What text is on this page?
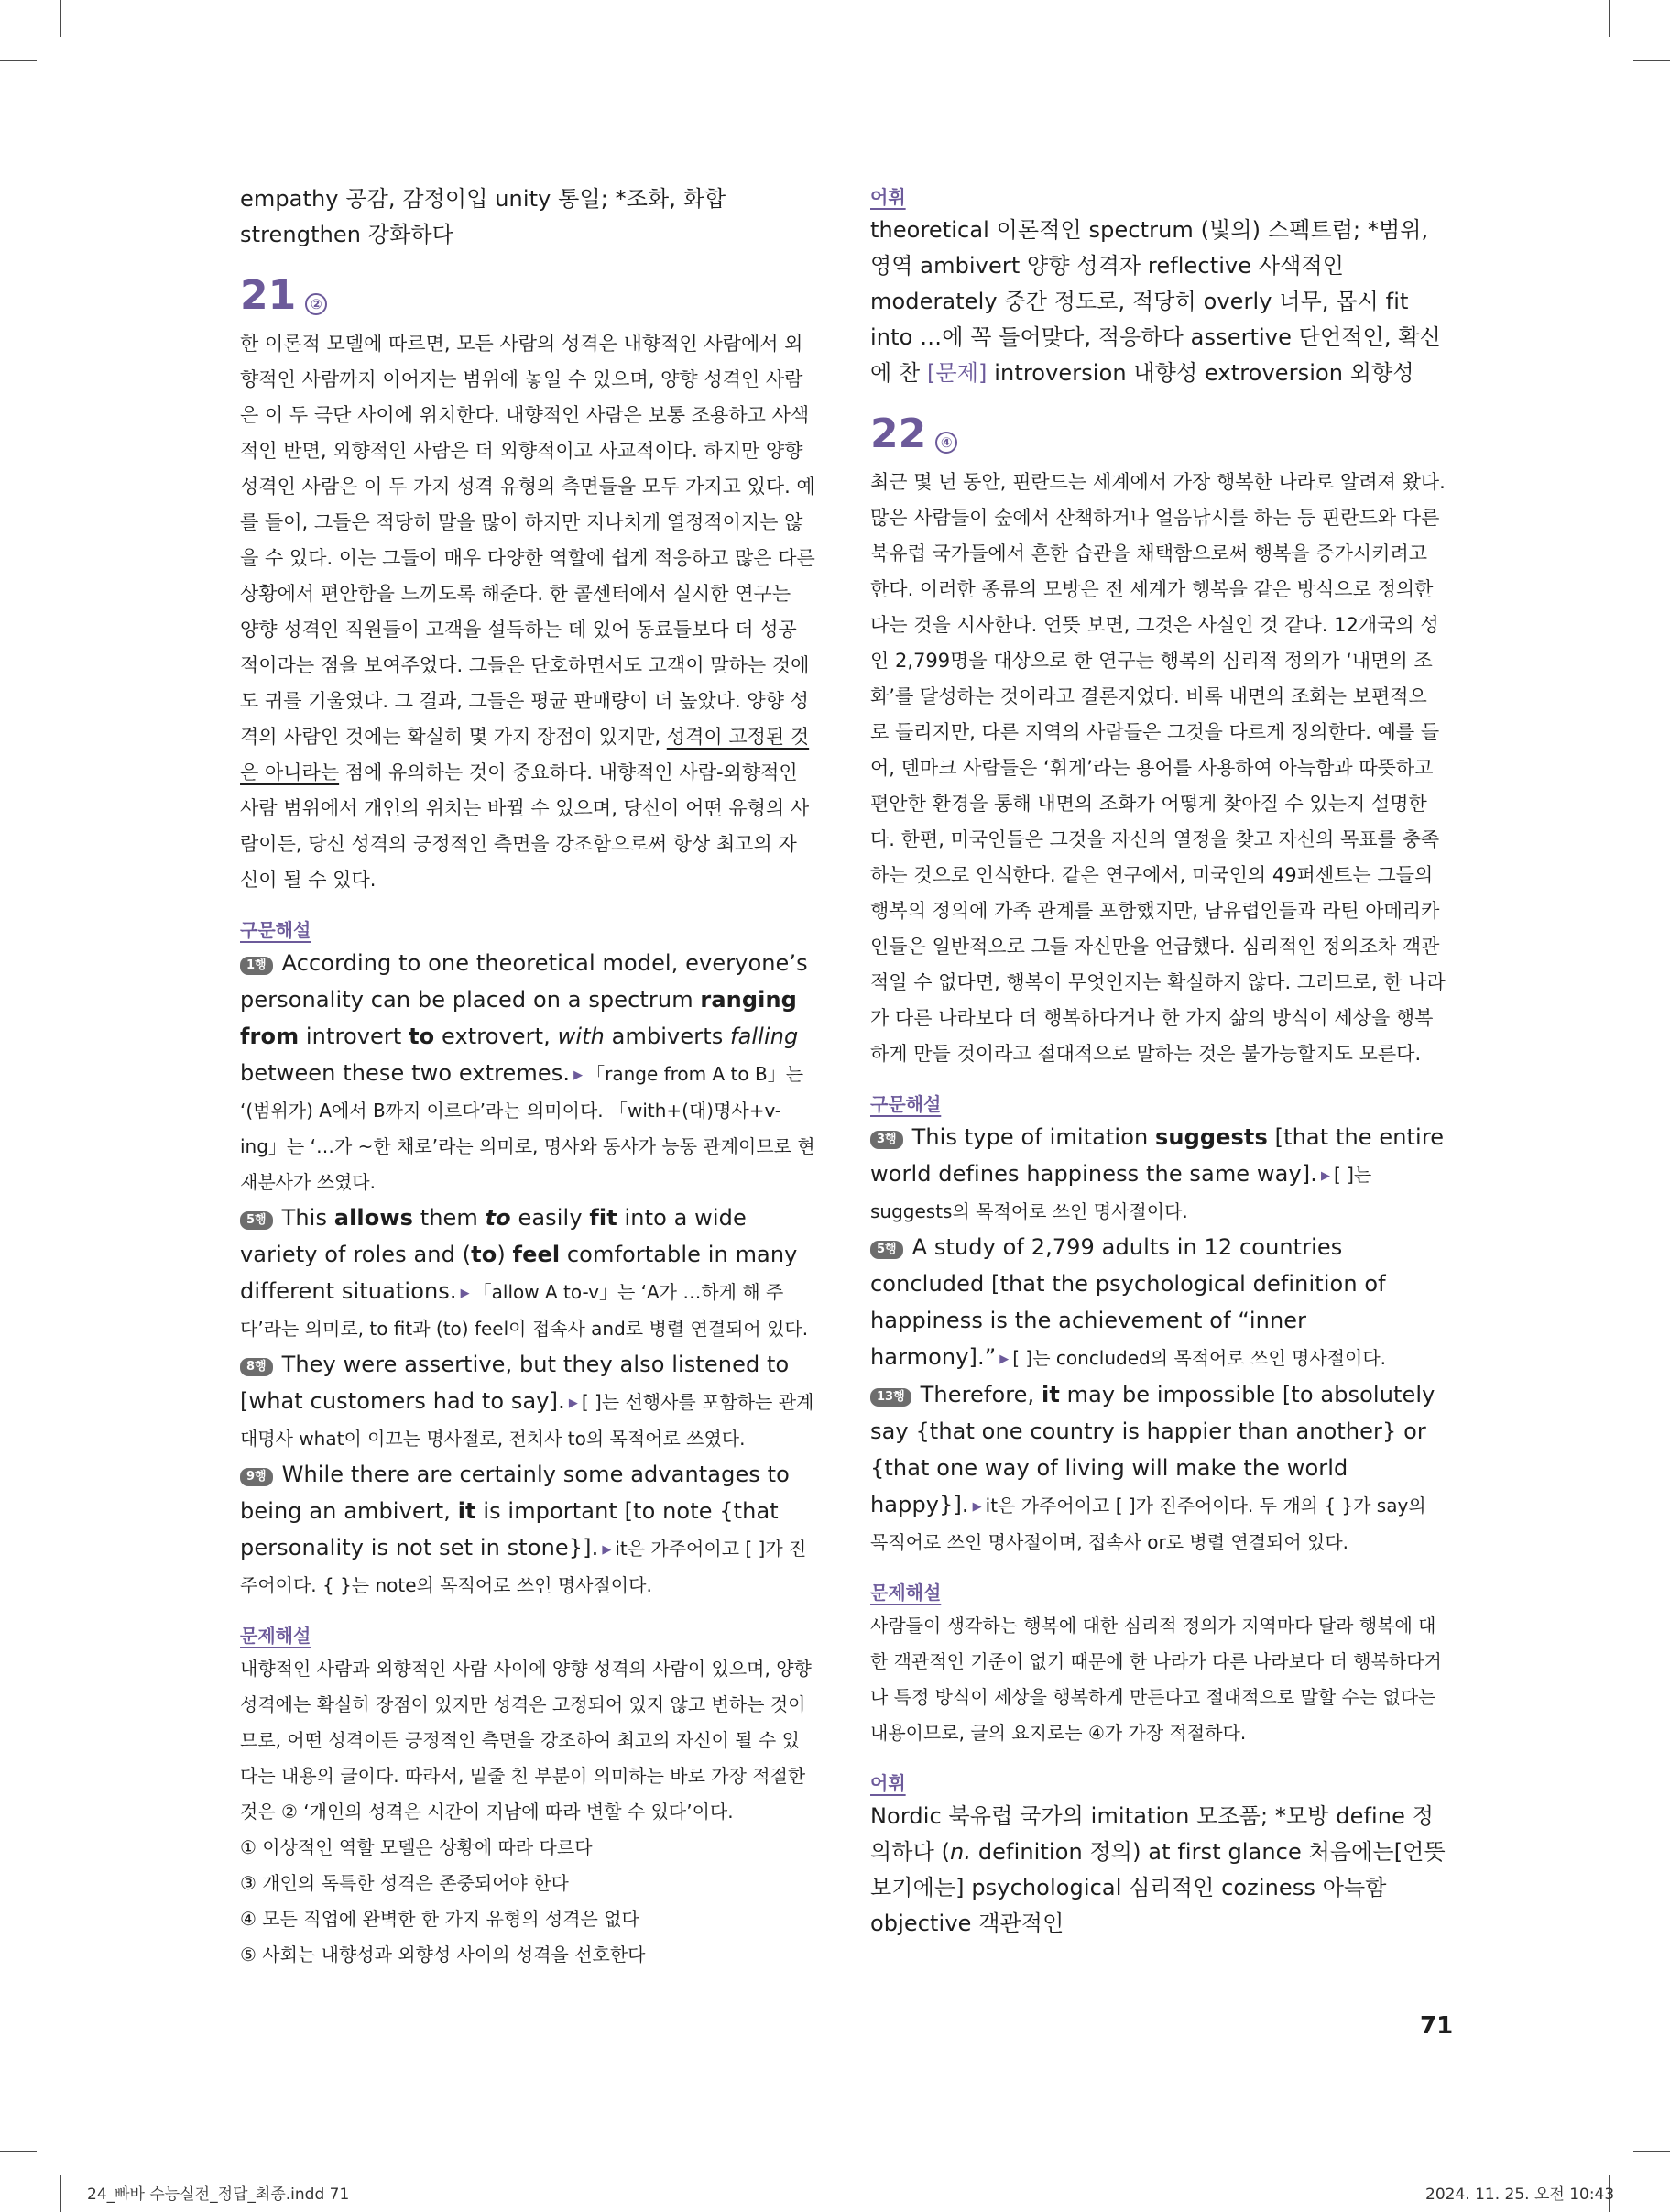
empathy 공감, 감정이입 unity 통일; *조화, 화합 strengthen 강화하다

21	②

한 이론적 모델에 따르면, 모든 사람의 성격은 내향적인 사람에서 외향적인 사람까지 이어지는 범위에 놓일 수 있으며, 양향 성격인 사람은 이 두 극단 사이에 위치한다. 내향적인 사람은 보통 조용하고 사색적인 반면, 외향적인 사람은 더 외향적이고 사교적이다. 하지만 양향 성격인 사람은 이 두 가지 성격 유형의 측면들을 모두 가지고 있다. 예를 들어, 그들은 적당히 말을 많이 하지만 지나치게 열정적이지는 않을 수 있다. 이는 그들이 매우 다양한 역할에 쉽게 적응하고 많은 다른 상황에서 편안함을 느끼도록 해준다. 한 콜센터에서 실시한 연구는 양향 성격인 직원들이 고객을 설득하는 데 있어 동료들보다 더 성공적이라는 점을 보여주었다. 그들은 단호하면서도 고객이 말하는 것에도 귀를 기울였다. 그 결과, 그들은 평균 판매량이 더 높았다. 양향 성격의 사람인 것에는 확실히 몇 가지 장점이 있지만, 성격이 고정된 것은 아니라는 점에 유의하는 것이 중요하다. 내향적인 사람-외향적인 사람 범위에서 개인의 위치는 바뀔 수 있으며, 당신이 어떤 유형의 사람이든, 당신 성격의 긍정적인 측면을 강조함으로써 항상 최고의 자신이 될 수 있다.

구문해설

1행 According to one theoretical model, everyone’s personality can be placed on a spectrum ranging from introvert to extrovert, with ambiverts falling between these two extremes. ▶ 「range from A to B」는 ‘(범위가) A에서 B까지 이르다’라는 의미이다. 「with+(대)명사+v-ing」는 ‘…가 ~한 채로’라는 의미로, 명사와 동사가 능동 관계이므로 현재분사가 쓰였다.

5행 This allows them to easily fit into a wide variety of roles and (to) feel comfortable in many different situations. ▶ 「allow A to-v」는 ‘A가 …하게 해 주다’라는 의미로, to fit과 (to) feel이 접속사 and로 병렬 연결되어 있다.

8행 They were assertive, but they also listened to [what customers had to say]. ▶ [ ]는 선행사를 포함하는 관계대명사 what이 이끄는 명사절로, 전치사 to의 목적어로 쓰였다.

9행 While there are certainly some advantages to being an ambivert, it is important [to note {that personality is not set in stone}]. ▶ it은 가주어이고 [ ]가 진주어이다. { }는 note의 목적어로 쓰인 명사절이다.

문제해설

내향적인 사람과 외향적인 사람 사이에 양향 성격의 사람이 있으며, 양향 성격에는 확실히 장점이 있지만 성격은 고정되어 있지 않고 변하는 것이므로, 어떤 성격이든 긍정적인 측면을 강조하여 최고의 자신이 될 수 있다는 내용의 글이다. 따라서, 밑줄 친 부분이 의미하는 바로 가장 적절한 것은 ② ‘개인의 성격은 시간이 지남에 따라 변할 수 있다’이다.

① 이상적인 역할 모델은 상황에 따라 다르다

③ 개인의 독특한 성격은 존중되어야 한다

④ 모든 직업에 완벽한 한 가지 유형의 성격은 없다

⑤ 사회는 내향성과 외향성 사이의 성격을 선호한다

어휘

theoretical 이론적인 spectrum (빛의) 스펙트럼; *범위, 영역 ambivert 양향 성격자 reflective 사색적인 moderately 중간 정도로, 적당히 overly 너무, 몹시 fit into …에 꼭 들어맞다, 적응하다 assertive 단언적인, 확신에 찬 [문제] introversion 내향성 extroversion 외향성

22	④

최근 몇 년 동안, 핀란드는 세계에서 가장 행복한 나라로 알려져 왔다. 많은 사람들이 숲에서 산책하거나 얼음낚시를 하는 등 핀란드와 다른 북유럽 국가들에서 흔한 습관을 채택함으로써 행복을 증가시키려고 한다. 이러한 종류의 모방은 전 세계가 행복을 같은 방식으로 정의한다는 것을 시사한다. 언뜻 보면, 그것은 사실인 것 같다. 12개국의 성인 2,799명을 대상으로 한 연구는 행복의 심리적 정의가 ‘내면의 조화’를 달성하는 것이라고 결론지었다. 비록 내면의 조화는 보편적으로 들리지만, 다른 지역의 사람들은 그것을 다르게 정의한다. 예를 들어, 덴마크 사람들은 ‘휘게’라는 용어를 사용하여 아늑함과 따뜻하고 편안한 환경을 통해 내면의 조화가 어떻게 찾아질 수 있는지 설명한다. 한편, 미국인들은 그것을 자신의 열정을 찾고 자신의 목표를 충족하는 것으로 인식한다. 같은 연구에서, 미국인의 49퍼센트는 그들의 행복의 정의에 가족 관계를 포함했지만, 남유럽인들과 라틴 아메리카인들은 일반적으로 그들 자신만을 언급했다. 심리적인 정의조차 객관적일 수 없다면, 행복이 무엇인지는 확실하지 않다. 그러므로, 한 나라가 다른 나라보다 더 행복하다거나 한 가지 삶의 방식이 세상을 행복하게 만들 것이라고 절대적으로 말하는 것은 불가능할지도 모른다.

구문해설

3행 This type of imitation suggests [that the entire world defines happiness the same way]. ▶ [ ]는 suggests의 목적어로 쓰인 명사절이다.

5행 A study of 2,799 adults in 12 countries concluded [that the psychological definition of happiness is the achievement of “inner harmony].” ▶ [ ]는 concluded의 목적어로 쓰인 명사절이다.

13행 Therefore, it may be impossible [to absolutely say {that one country is happier than another} or {that one way of living will make the world happy}]. ▶ it은 가주어이고 [ ]가 진주어이다. 두 개의 { }가 say의 목적어로 쓰인 명사절이며, 접속사 or로 병렬 연결되어 있다.

문제해설

사람들이 생각하는 행복에 대한 심리적 정의가 지역마다 달라 행복에 대한 객관적인 기준이 없기 때문에 한 나라가 다른 나라보다 더 행복하다거나 특정 방식이 세상을 행복하게 만든다고 절대적으로 말할 수는 없다는 내용이므로, 글의 요지로는 ④가 가장 적절하다.

어휘

Nordic 북유럽 국가의 imitation 모조품; *모방 define 정의하다 (n. definition 정의) at first glance 처음에는[언뜻 보기에는] psychological 심리적인 coziness 아늑함 objective 객관적인

71
24_빠바 수능실전_정답_최종.indd 71	2024. 11. 25. 오전 10:43
